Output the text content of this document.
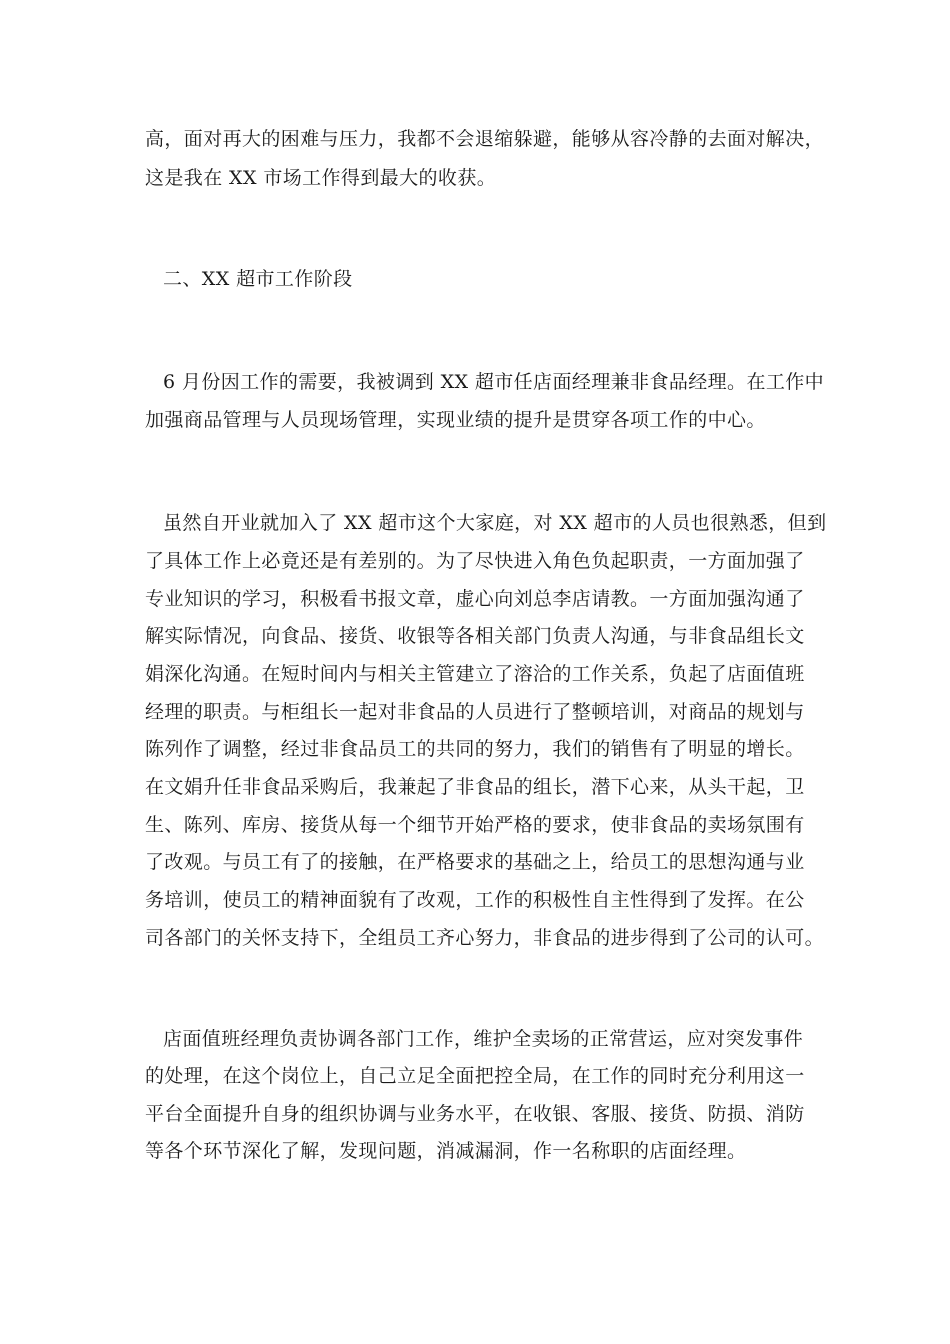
高，面对再大的困难与压力，我都不会退缩躲避，能够从容冷静的去面对解决，
这是我在 XX 市场工作得到最大的收获。
二、XX 超市工作阶段
6 月份因工作的需要，我被调到 XX 超市任店面经理兼非食品经理。在工作中
加强商品管理与人员现场管理，实现业绩的提升是贯穿各项工作的中心。
虽然自开业就加入了 XX 超市这个大家庭，对 XX 超市的人员也很熟悉，但到
了具体工作上必竟还是有差别的。为了尽快进入角色负起职责，一方面加强了
专业知识的学习，积极看书报文章，虚心向刘总李店请教。一方面加强沟通了
解实际情况，向食品、接货、收银等各相关部门负责人沟通，与非食品组长文
娟深化沟通。在短时间内与相关主管建立了溶洽的工作关系，负起了店面值班
经理的职责。与柜组长一起对非食品的人员进行了整顿培训，对商品的规划与
陈列作了调整，经过非食品员工的共同的努力，我们的销售有了明显的增长。
在文娟升任非食品采购后，我兼起了非食品的组长，潜下心来，从头干起，卫
生、陈列、库房、接货从每一个细节开始严格的要求，使非食品的卖场氛围有
了改观。与员工有了的接触，在严格要求的基础之上，给员工的思想沟通与业
务培训，使员工的精神面貌有了改观，工作的积极性自主性得到了发挥。在公
司各部门的关怀支持下，全组员工齐心努力，非食品的进步得到了公司的认可。
店面值班经理负责协调各部门工作，维护全卖场的正常营运，应对突发事件
的处理，在这个岗位上，自己立足全面把控全局，在工作的同时充分利用这一
平台全面提升自身的组织协调与业务水平，在收银、客服、接货、防损、消防
等各个环节深化了解，发现问题，消减漏洞，作一名称职的店面经理。
